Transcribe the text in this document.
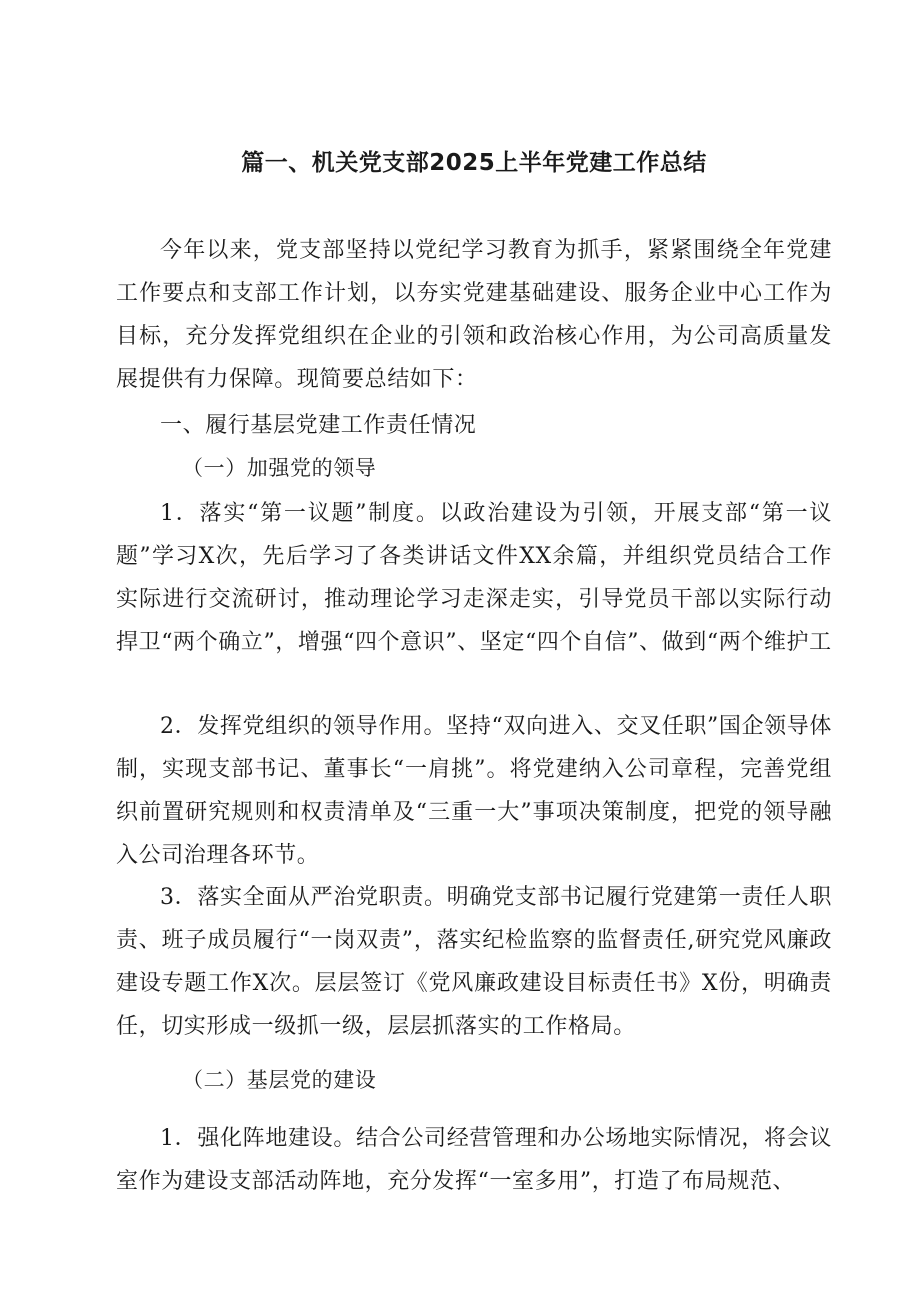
篇一、机关党支部2025上半年党建工作总结

今年以来，党支部坚持以党纪学习教育为抓手，紧紧围绕全年党建工作要点和支部工作计划，以夯实党建基础建设、服务企业中心工作为目标，充分发挥党组织在企业的引领和政治核心作用，为公司高质量发展提供有力保障。现简要总结如下：

一、履行基层党建工作责任情况

（一）加强党的领导

1．落实“第一议题”制度。以政治建设为引领，开展支部“第一议题”学习X次，先后学习了各类讲话文件XX余篇，并组织党员结合工作实际进行交流研讨，推动理论学习走深走实，引导党员干部以实际行动捍卫“两个确立”，增强“四个意识”、坚定“四个自信”、做到“两个维护工

2．发挥党组织的领导作用。坚持“双向进入、交叉任职”国企领导体制，实现支部书记、董事长“一肩挑”。将党建纳入公司章程，完善党组织前置研究规则和权责清单及“三重一大”事项决策制度，把党的领导融入公司治理各环节。

3．落实全面从严治党职责。明确党支部书记履行党建第一责任人职责、班子成员履行“一岗双责”，落实纪检监察的监督责任,研究党风廉政建设专题工作X次。层层签订《党风廉政建设目标责任书》X份，明确责任，切实形成一级抓一级，层层抓落实的工作格局。

（二）基层党的建设

1．强化阵地建设。结合公司经营管理和办公场地实际情况，将会议室作为建设支部活动阵地，充分发挥“一室多用”，打造了布局规范、
